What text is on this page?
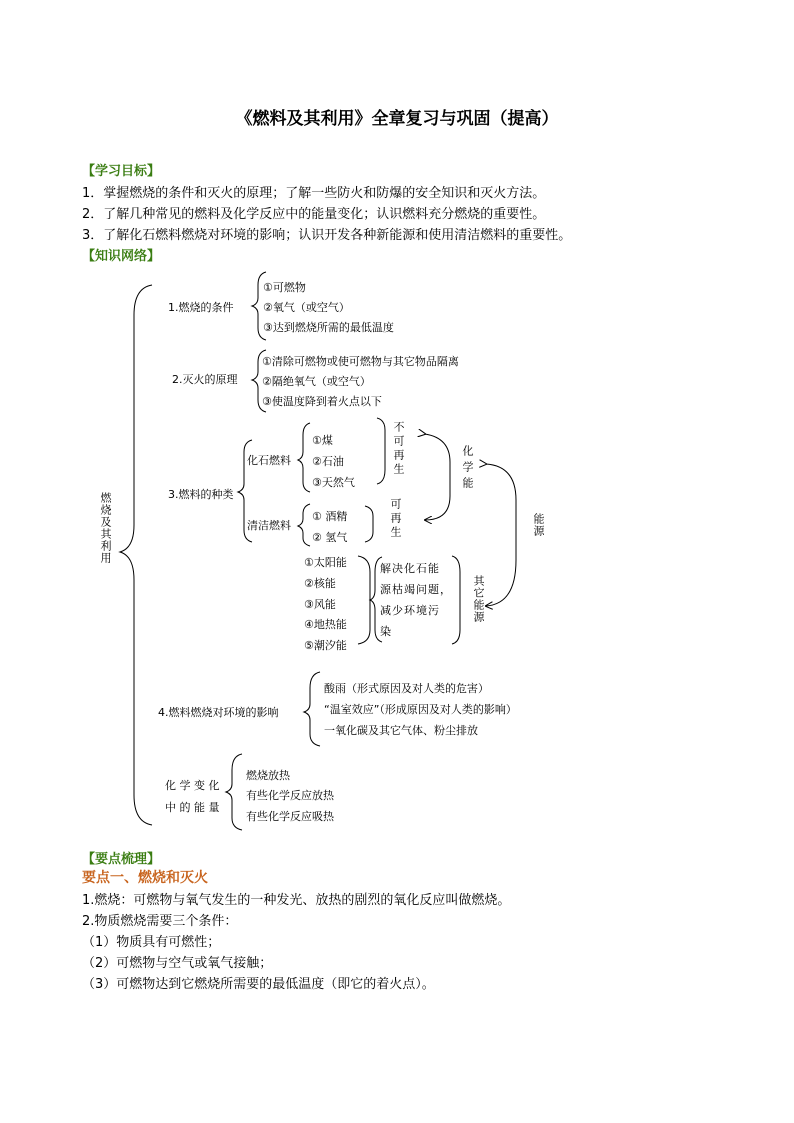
《燃料及其利用》全章复习与巩固（提高）
【学习目标】
1．掌握燃烧的条件和灭火的原理；了解一些防火和防爆的安全知识和灭火方法。
2．了解几种常见的燃料及化学反应中的能量变化；认识燃料充分燃烧的重要性。
3．了解化石燃料燃烧对环境的影响；认识开发各种新能源和使用清洁燃料的重要性。
【知识网络】
燃烧及其利用
1.燃烧的条件
①可燃物
②氧气（或空气）
③达到燃烧所需的最低温度
2.灭火的原理
①清除可燃物或使可燃物与其它物品隔离
②隔绝氧气（或空气）
③使温度降到着火点以下
3.燃料的种类
化石燃料
①煤
②石油
③天然气
不可再生
清洁燃料
① 酒精
② 氢气	可再生
化学能
能源
①太阳能
②核能
③风能
④地热能
⑤潮汐能
解决化石能
源枯竭问题，
减少环境污
染
其它能源
4.燃料燃烧对环境的影响
酸雨（形式原因及对人类的危害）
“温室效应”（形成原因及对人类的影响）
一氧化碳及其它气体、粉尘排放
化 学 变 化
中 的 能 量
燃烧放热
有些化学反应放热
有些化学反应吸热
【要点梳理】
要点一、燃烧和灭火
1.燃烧：可燃物与氧气发生的一种发光、放热的剧烈的氧化反应叫做燃烧。
2.物质燃烧需要三个条件：
（1）物质具有可燃性；
（2）可燃物与空气或氧气接触；
（3）可燃物达到它燃烧所需要的最低温度（即它的着火点）。
